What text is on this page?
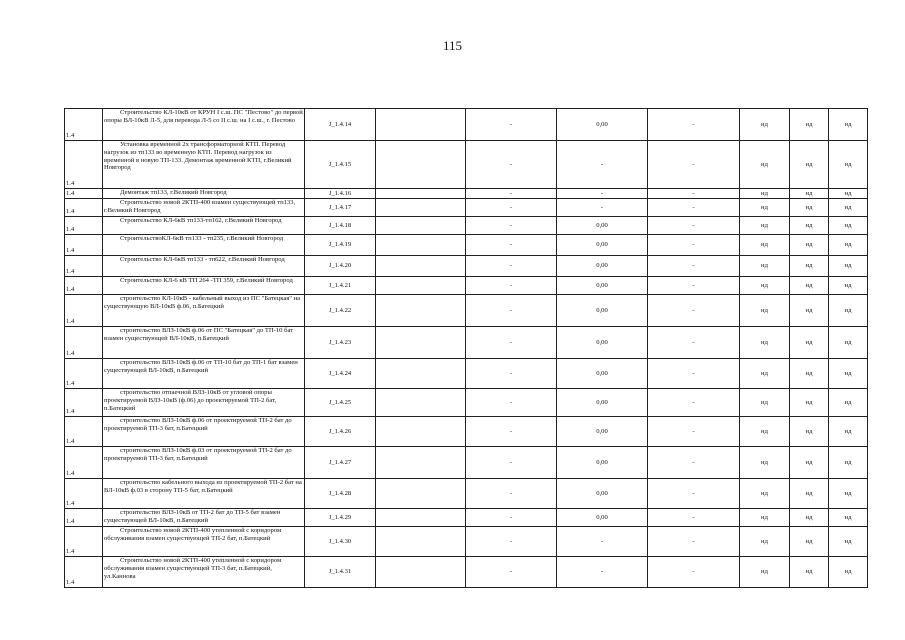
115
1.4	Строительство КЛ-10кВ от КРУН I с.ш. ПС "Пестово" до первой опоры ВЛ-10кВ Л-5, для перевода Л-5 со II с.ш. на I с.ш., г. Пестово	J_1.4.14		-	0,00	-	нд	нд	нд
1.4	Установка временной 2х трансформаторной КТП. Перевод нагрузок из тп133 во временную КТП. Перевод нагрузок из временной в новую ТП-133. Демонтаж временной КТП, г.Великий Новгород	J_1.4.15		-	-	-	нд	нд	нд
1.4	Демонтаж тп133, г.Великий Новгород	J_1.4.16		-	-	-	нд	нд	нд
1.4	Строительство новой 2КТП-400 взамен существующей тп133, г.Великий Новгород	J_1.4.17		-	-	-	нд	нд	нд
1.4	Строительство КЛ-6кВ тп133-тп162, г.Великий Новгород	J_1.4.18		-	0,00	-	нд	нд	нд
1.4	СтроительствоКЛ-6кВ тп133 - тп235, г.Великий Новгород	J_1.4.19		-	0,00	-	нд	нд	нд
1.4	Строительство КЛ-6кВ тп133 - тп622, г.Великий Новгород	J_1.4.20		-	0,00	-	нд	нд	нд
1.4	Строительство КЛ-6 кВ ТП 264 -ТП 359, г.Великий Новгород	J_1.4.21		-	0,00	-	нд	нд	нд
1.4	строительство КЛ-10кВ - кабельный выход из ПС "Батецкая" на существующую ВЛ-10кВ ф.06, п.Батецкий	J_1.4.22		-	0,00	-	нд	нд	нд
1.4	строительство ВЛЗ-10кВ ф.06 от ПС "Батецкая" до ТП-10 бат взамен существующей ВЛ-10кВ, п.Батецкий	J_1.4.23		-	0,00	-	нд	нд	нд
1.4	строительство ВЛЗ-10кВ ф.06 от ТП-10 бат до ТП-1 бат взамен существующей ВЛ-10кВ, п.Батецкий	J_1.4.24		-	0,00	-	нд	нд	нд
1.4	строительство отпаечной ВЛЗ-10кВ от угловой опоры проектируемой ВЛЗ-10кВ (ф.06) до проектируемой ТП-2 бат, п.Батецкий	J_1.4.25		-	0,00	-	нд	нд	нд
1.4	строительство ВЛЗ-10кВ ф.06 от проектируемой ТП-2 бат до проектируемой ТП-3 бат, п.Батецкий	J_1.4.26		-	0,00	-	нд	нд	нд
1.4	строительство ВЛЗ-10кВ ф.03 от проектируемой ТП-2 бат до проектируемой ТП-3 бат, п.Батецкий	J_1.4.27		-	0,00	-	нд	нд	нд
1.4	строительство кабельного выхода из проектируемой ТП-2 бат на ВЛ-10кВ ф.03 в сторону ТП-5 бат, п.Батецкий	J_1.4.28		-	0,00	-	нд	нд	нд
1.4	строительство ВЛЗ-10кВ от ТП-2 бат до ТП-5 бат взамен существующей ВЛ-10кВ, п.Батецкий	J_1.4.29		-	0,00	-	нд	нд	нд
1.4	Строительство новой 2КТП-400 утепленной с коридором обслуживания взамен существующей ТП-2 бат, п.Батецкий	J_1.4.30		-	-	-	нд	нд	нд
1.4	Строительство новой 2КТП-400 утепленной с коридором обслуживания взамен существующей ТП-3 бат, п.Батецкий, ул.Каннова	J_1.4.31		-	-	-	нд	нд	нд
